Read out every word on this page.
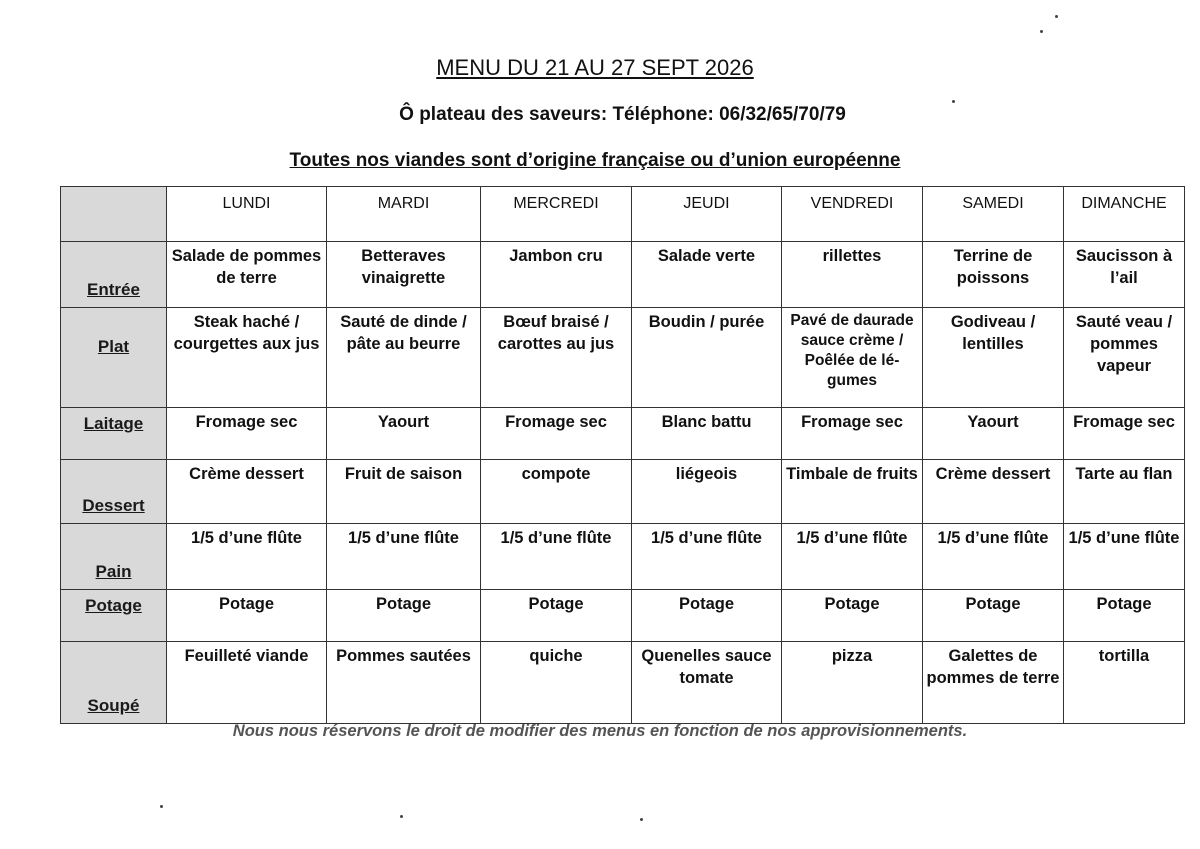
MENU DU 21 AU 27 SEPT 2026
Ô plateau des saveurs: Téléphone: 06/32/65/70/79
Toutes nos viandes sont d’origine française ou d’union européenne
	LUNDI	MARDI	MERCREDI	JEUDI	VENDREDI	SAMEDI	DIMANCHE
Entrée	Salade de pommes de terre	Betteraves vinaigrette	Jambon cru	Salade verte	rillettes	Terrine de poissons	Saucisson à l’ail
Plat	Steak haché / courgettes aux jus	Sauté de dinde / pâte au beurre	Bœuf braisé / carottes au jus	Boudin / purée	Pavé de daurade sauce crème / Poêlée de lé-gumes	Godiveau / lentilles	Sauté veau / pommes vapeur
Laitage	Fromage sec	Yaourt	Fromage sec	Blanc battu	Fromage sec	Yaourt	Fromage sec
Dessert	Crème dessert	Fruit de saison	compote	liégeois	Timbale de fruits	Crème dessert	Tarte au flan
Pain	1/5 d’une flûte	1/5 d’une flûte	1/5 d’une flûte	1/5 d’une flûte	1/5 d’une flûte	1/5 d’une flûte	1/5 d’une flûte
Potage	Potage	Potage	Potage	Potage	Potage	Potage	Potage
Soupé	Feuilleté viande	Pommes sautées	quiche	Quenelles sauce tomate	pizza	Galettes de pommes de terre	tortilla
Nous nous réservons le droit de modifier des menus en fonction de nos approvisionnements.
